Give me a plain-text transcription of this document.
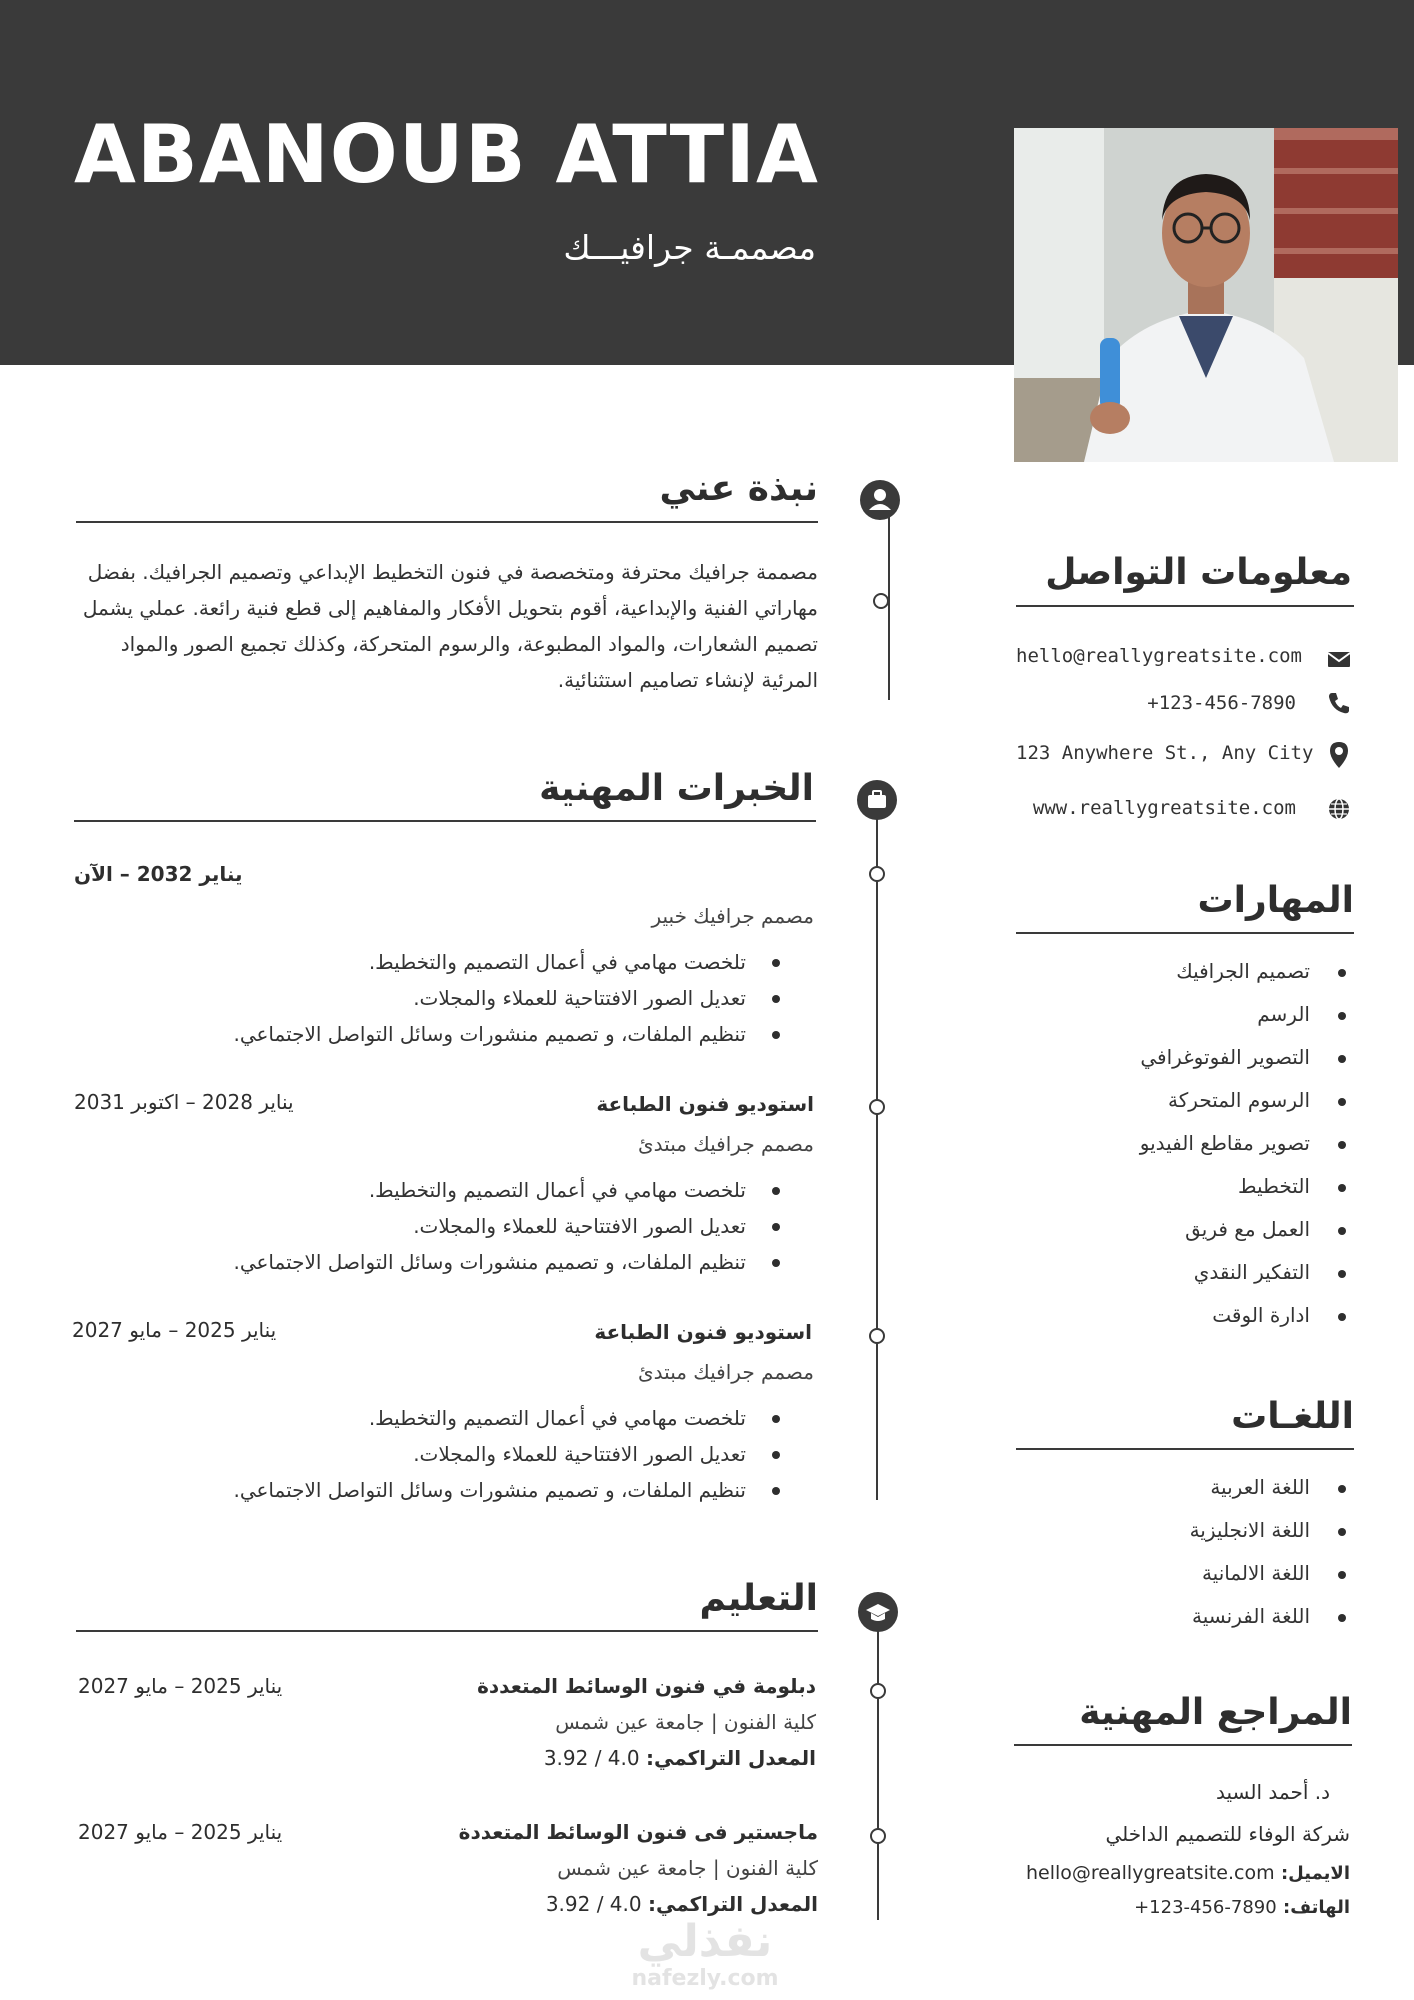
ABANOUB ATTIA
مصممـة جرافيـــك
نبذة عني
مصممة جرافيك محترفة ومتخصصة في فنون التخطيط الإبداعي وتصميم الجرافيك. بفضل مهاراتي الفنية والإبداعية، أقوم بتحويل الأفكار والمفاهيم إلى قطع فنية رائعة. عملي يشمل تصميم الشعارات، والمواد المطبوعة، والرسوم المتحركة، وكذلك تجميع الصور والمواد المرئية لإنشاء تصاميم استثنائية.
الخبرات المهنية
يناير 2032 – الآن
مصمم جرافيك خبير
تلخصت مهامي في أعمال التصميم والتخطيط.
تعديل الصور الافتتاحية للعملاء والمجلات.
تنظيم الملفات، و تصميم منشورات وسائل التواصل الاجتماعي.
يناير 2028 – اكتوبر 2031	استوديو فنون الطباعة
مصمم جرافيك مبتدئ
تلخصت مهامي في أعمال التصميم والتخطيط.
تعديل الصور الافتتاحية للعملاء والمجلات.
تنظيم الملفات، و تصميم منشورات وسائل التواصل الاجتماعي.
يناير 2025 – مايو 2027	استوديو فنون الطباعة
مصمم جرافيك مبتدئ
تلخصت مهامي في أعمال التصميم والتخطيط.
تعديل الصور الافتتاحية للعملاء والمجلات.
تنظيم الملفات، و تصميم منشورات وسائل التواصل الاجتماعي.
التعليم
يناير 2025 – مايو 2027	دبلومة في فنون الوسائط المتعددة
كلية الفنون | جامعة عين شمس
المعدل التراكمي: 3.92 / 4.0
يناير 2025 – مايو 2027	ماجستير فى فنون الوسائط المتعددة
كلية الفنون | جامعة عين شمس
المعدل التراكمي: 3.92 / 4.0
معلومات التواصل
hello@reallygreatsite.com
+123-456-7890
123 Anywhere St., Any City
www.reallygreatsite.com
المهارات
تصميم الجرافيك
الرسم
التصوير الفوتوغرافي
الرسوم المتحركة
تصوير مقاطع الفيديو
التخطيط
العمل مع فريق
التفكير النقدي
ادارة الوقت
اللغـات
اللغة العربية
اللغة الانجليزية
اللغة الالمانية
اللغة الفرنسية
المراجع المهنية
د. أحمد السيد
شركة الوفاء للتصميم الداخلي
الايميل: hello@reallygreatsite.com
الهاتف: +123-456-7890
نفذلي
nafezly.com
